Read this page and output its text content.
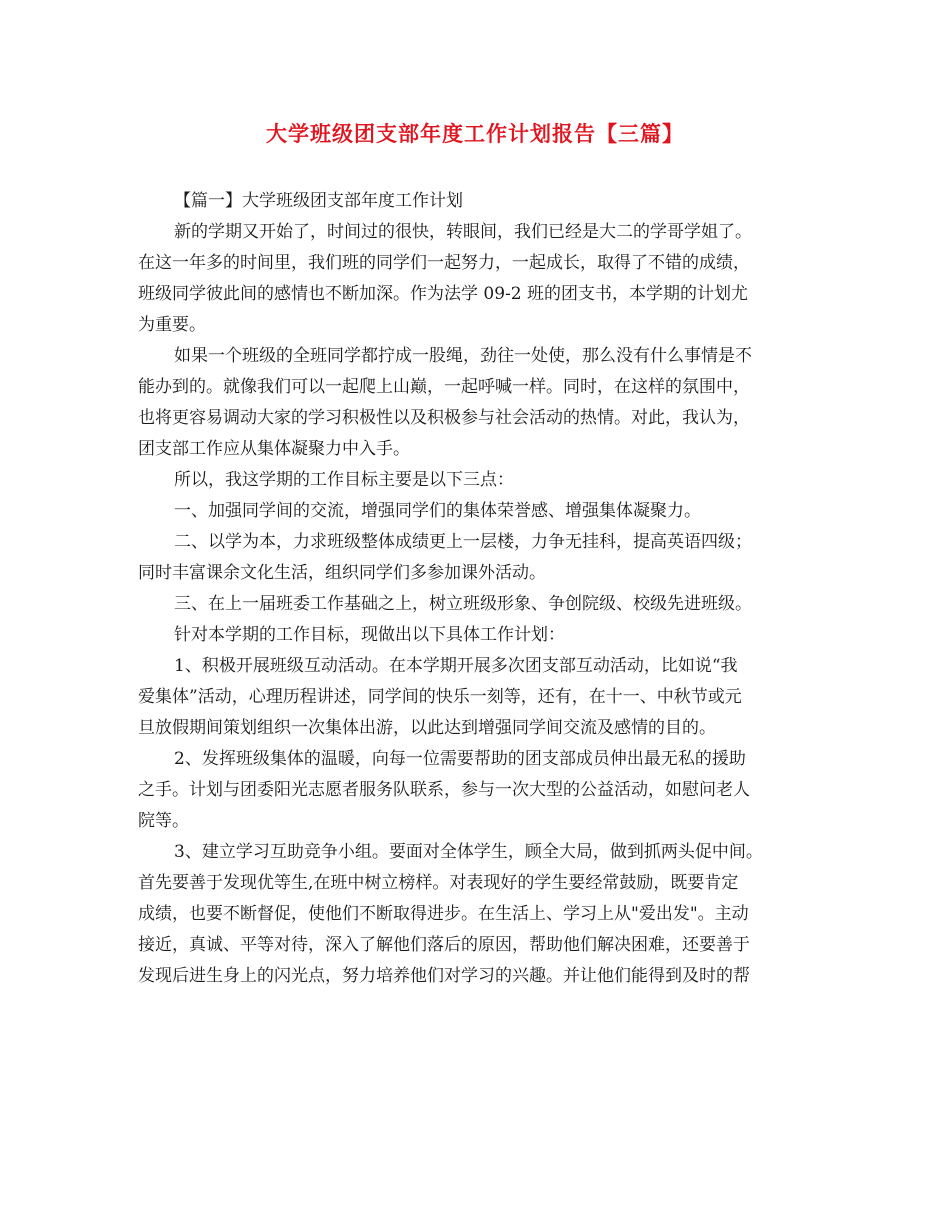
大学班级团支部年度工作计划报告【三篇】
【篇一】大学班级团支部年度工作计划
新的学期又开始了，时间过的很快，转眼间，我们已经是大二的学哥学姐了。
在这一年多的时间里，我们班的同学们一起努力，一起成长，取得了不错的成绩，
班级同学彼此间的感情也不断加深。作为法学 09-2 班的团支书，本学期的计划尤
为重要。
如果一个班级的全班同学都拧成一股绳，劲往一处使，那么没有什么事情是不
能办到的。就像我们可以一起爬上山巅，一起呼喊一样。同时，在这样的氛围中，
也将更容易调动大家的学习积极性以及积极参与社会活动的热情。对此，我认为，
团支部工作应从集体凝聚力中入手。
所以，我这学期的工作目标主要是以下三点：
一、加强同学间的交流，增强同学们的集体荣誉感、增强集体凝聚力。
二、以学为本，力求班级整体成绩更上一层楼，力争无挂科，提高英语四级；
同时丰富课余文化生活，组织同学们多参加课外活动。
三、在上一届班委工作基础之上，树立班级形象、争创院级、校级先进班级。
针对本学期的工作目标，现做出以下具体工作计划：
1、积极开展班级互动活动。在本学期开展多次团支部互动活动，比如说“我
爱集体”活动，心理历程讲述，同学间的快乐一刻等，还有，在十一、中秋节或元
旦放假期间策划组织一次集体出游，以此达到增强同学间交流及感情的目的。
2、发挥班级集体的温暖，向每一位需要帮助的团支部成员伸出最无私的援助
之手。计划与团委阳光志愿者服务队联系，参与一次大型的公益活动，如慰问老人
院等。
3、建立学习互助竞争小组。要面对全体学生，顾全大局，做到抓两头促中间。
首先要善于发现优等生,在班中树立榜样。对表现好的学生要经常鼓励，既要肯定
成绩，也要不断督促，使他们不断取得进步。在生活上、学习上从"爱出发"。主动
接近，真诚、平等对待，深入了解他们落后的原因，帮助他们解决困难，还要善于
发现后进生身上的闪光点，努力培养他们对学习的兴趣。并让他们能得到及时的帮
